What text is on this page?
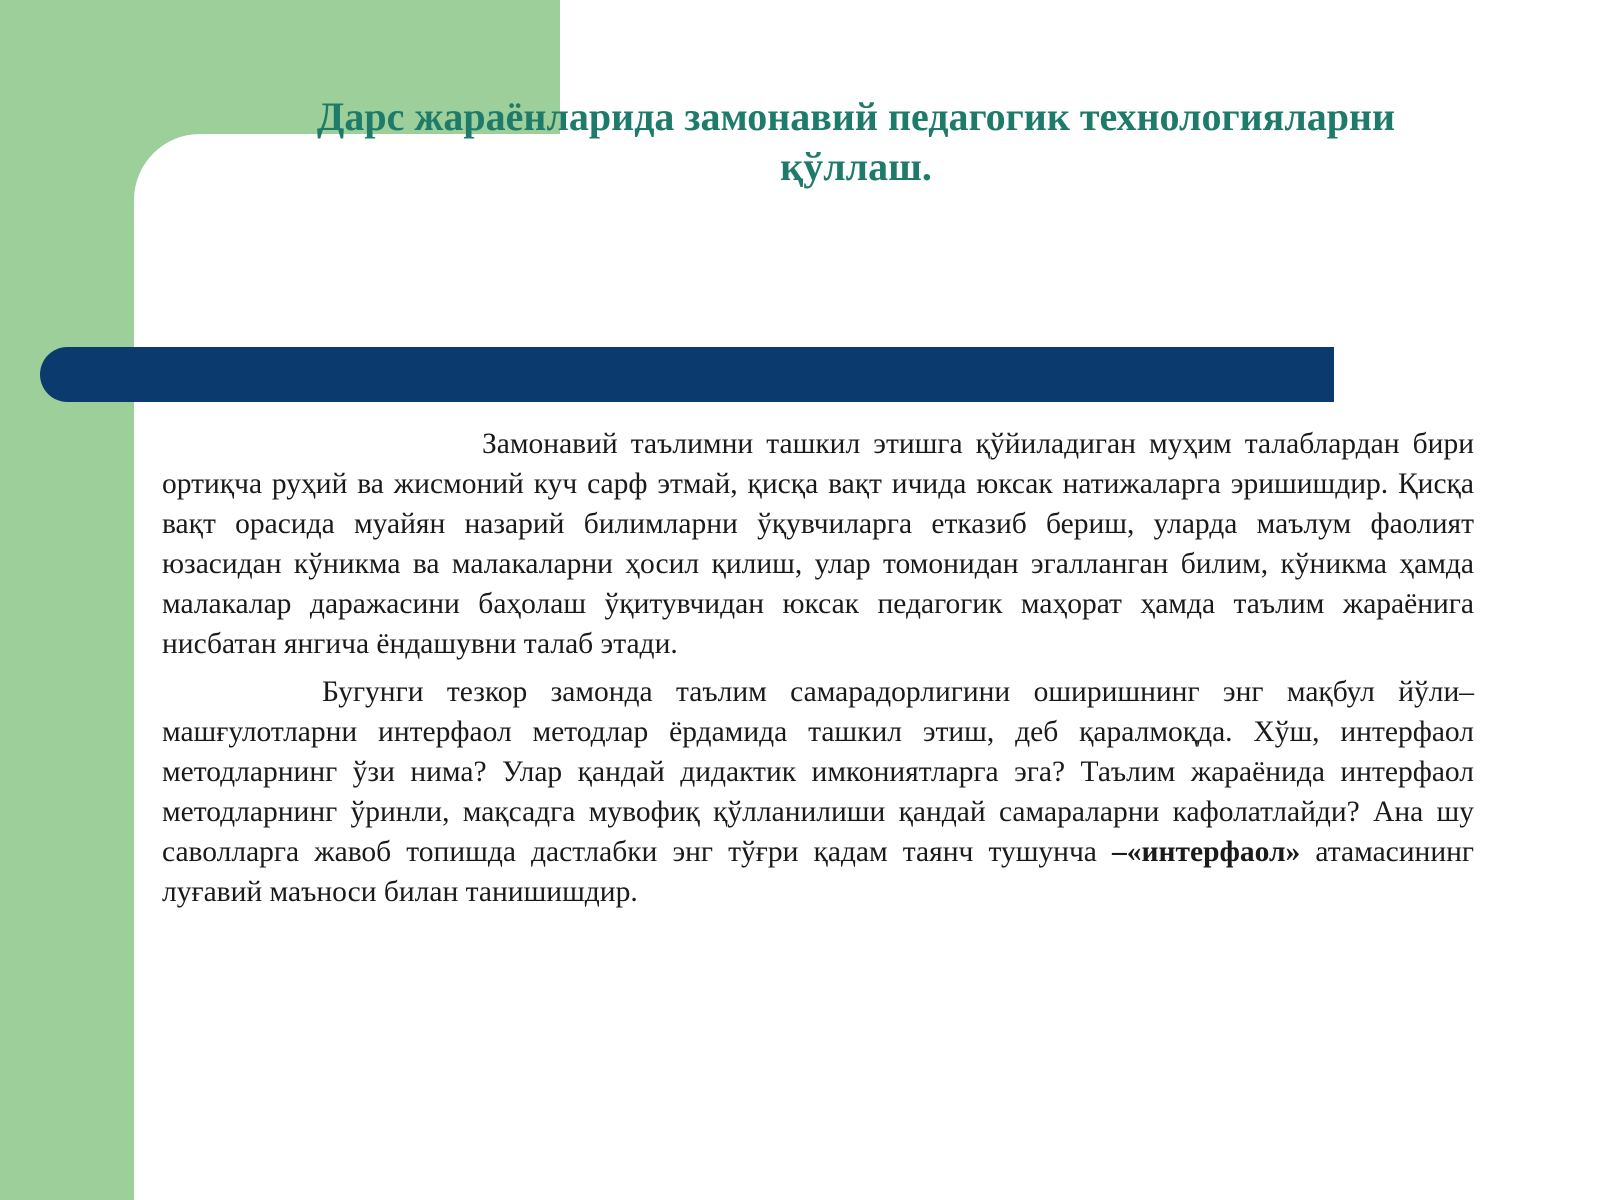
Дарс жараёнларида замонавий педагогик технологияларни
қўллаш.

Замонавий таълимни ташкил этишга қўйиладиган муҳим талаблардан бири ортиқча руҳий ва жисмоний куч сарф этмай, қисқа вақт ичида юксак натижаларга эришишдир. Қисқа вақт орасида муайян назарий билимларни ўқувчиларга етказиб бериш, уларда маълум фаолият юзасидан кўникма ва малакаларни ҳосил қилиш, улар томонидан эгалланган билим, кўникма ҳамда малакалар даражасини баҳолаш ўқитувчидан юксак педагогик маҳорат ҳамда таълим жараёнига нисбатан янгича ёндашувни талаб этади.

Бугунги тезкор замонда таълим самарадорлигини оширишнинг энг мақбул йўли–машғулотларни интерфаол методлар ёрдамида ташкил этиш, деб қаралмоқда. Хўш, интерфаол методларнинг ўзи нима? Улар қандай дидактик имкониятларга эга? Таълим жараёнида интерфаол методларнинг ўринли, мақсадга мувофиқ қўлланилиши қандай самараларни кафолатлайди? Ана шу саволларга жавоб топишда дастлабки энг тўғри қадам таянч тушунча –«интерфаол» атамасининг луғавий маъноси билан танишишдир.
